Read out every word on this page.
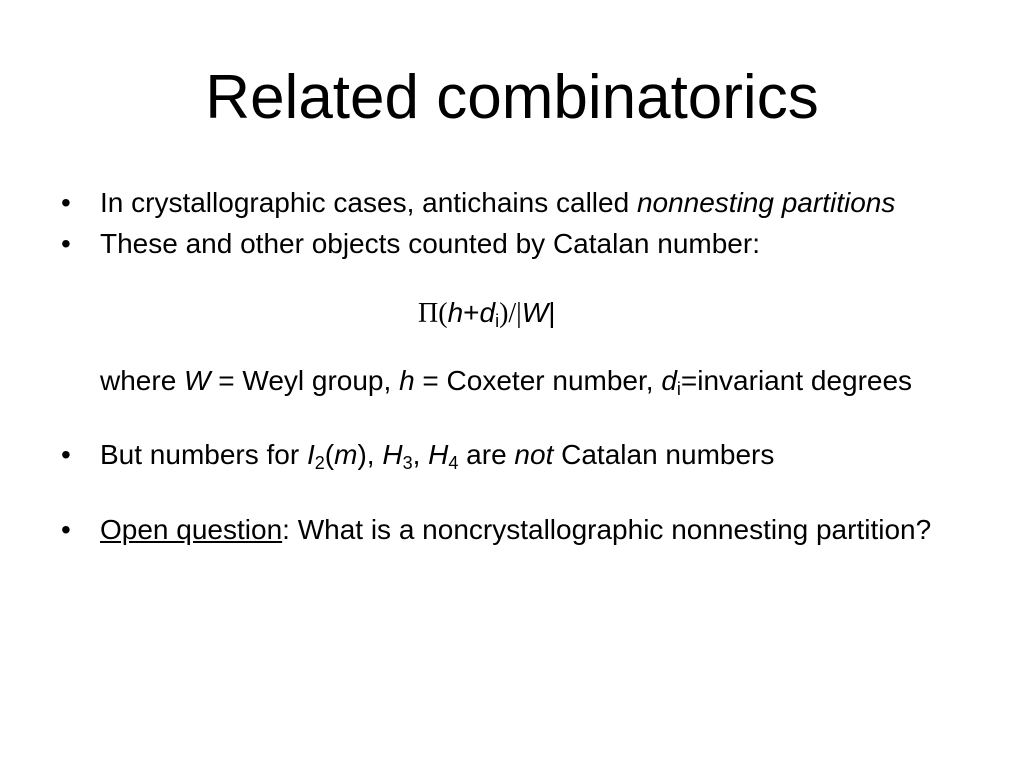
Related combinatorics
• In crystallographic cases, antichains called nonnesting partitions
• These and other objects counted by Catalan number:
$\Pi(h+d_i)/|W|$
where W = Weyl group, h = Coxeter number, $d_i=invariant$ degrees
• But numbers for $I_2(m)$, $H_3$, $H_4$ are not Catalan numbers
• Open question: What is a noncrystallographic nonnesting partition?
